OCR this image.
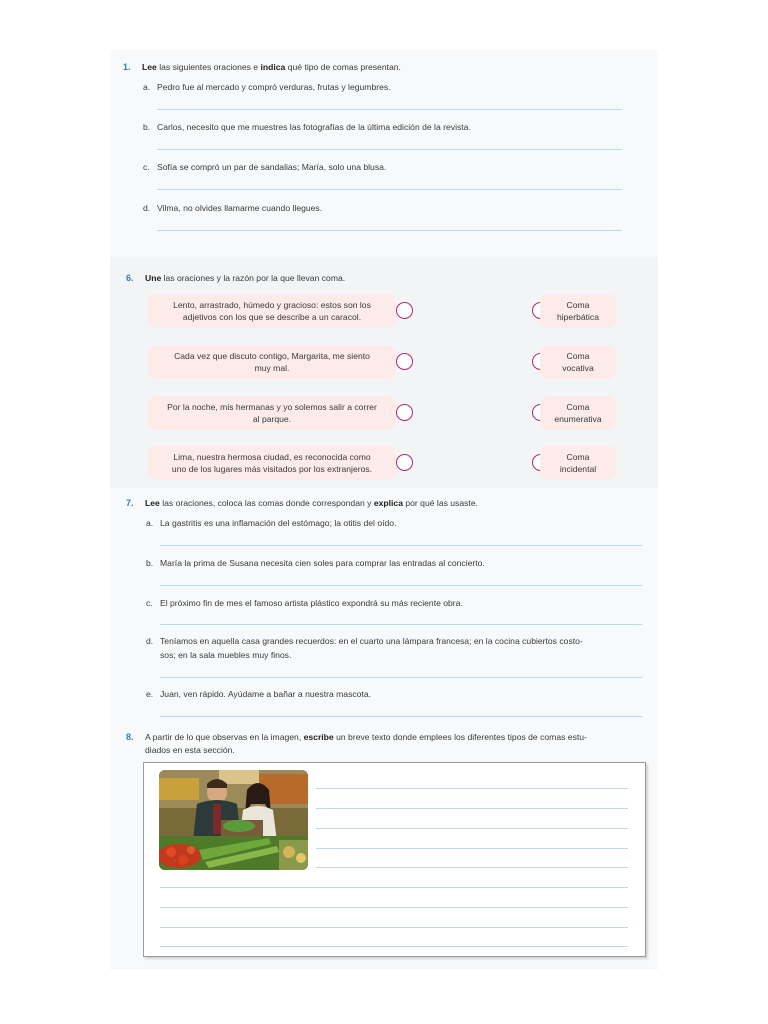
1. Lee las siguientes oraciones e indica qué tipo de comas presentan.
a. Pedro fue al mercado y compró verduras, frutas y legumbres.
b. Carlos, necesito que me muestres las fotografías de la última edición de la revista.
c. Sofía se compró un par de sandalias; María, solo una blusa.
d. Vilma, no olvides llamarme cuando llegues.
6. Une las oraciones y la razón por la que llevan coma.
Lento, arrastrado, húmedo y gracioso: estos son los
adjetivos con los que se describe a un caracol.
Coma
hiperbática
Cada vez que discuto contigo, Margarita, me siento
muy mal.
Coma
vocativa
Por la noche, mis hermanas y yo solemos salir a correr
al parque.
Coma
enumerativa
Lima, nuestra hermosa ciudad, es reconocida como
uno de los lugares más visitados por los extranjeros.
Coma
incidental
7. Lee las oraciones, coloca las comas donde correspondan y explica por qué las usaste.
a. La gastritis es una inflamación del estómago; la otitis del oído.
b. María la prima de Susana necesita cien soles para comprar las entradas al concierto.
c. El próximo fin de mes el famoso artista plástico expondrá su más reciente obra.
d. Teníamos en aquella casa grandes recuerdos: en el cuarto una lámpara francesa; en la cocina cubiertos costo-
sos; en la sala muebles muy finos.
e. Juan, ven rápido. Ayúdame a bañar a nuestra mascota.
8. A partir de lo que observas en la imagen, escribe un breve texto donde emplees los diferentes tipos de comas estu-
diados en esta sección.
